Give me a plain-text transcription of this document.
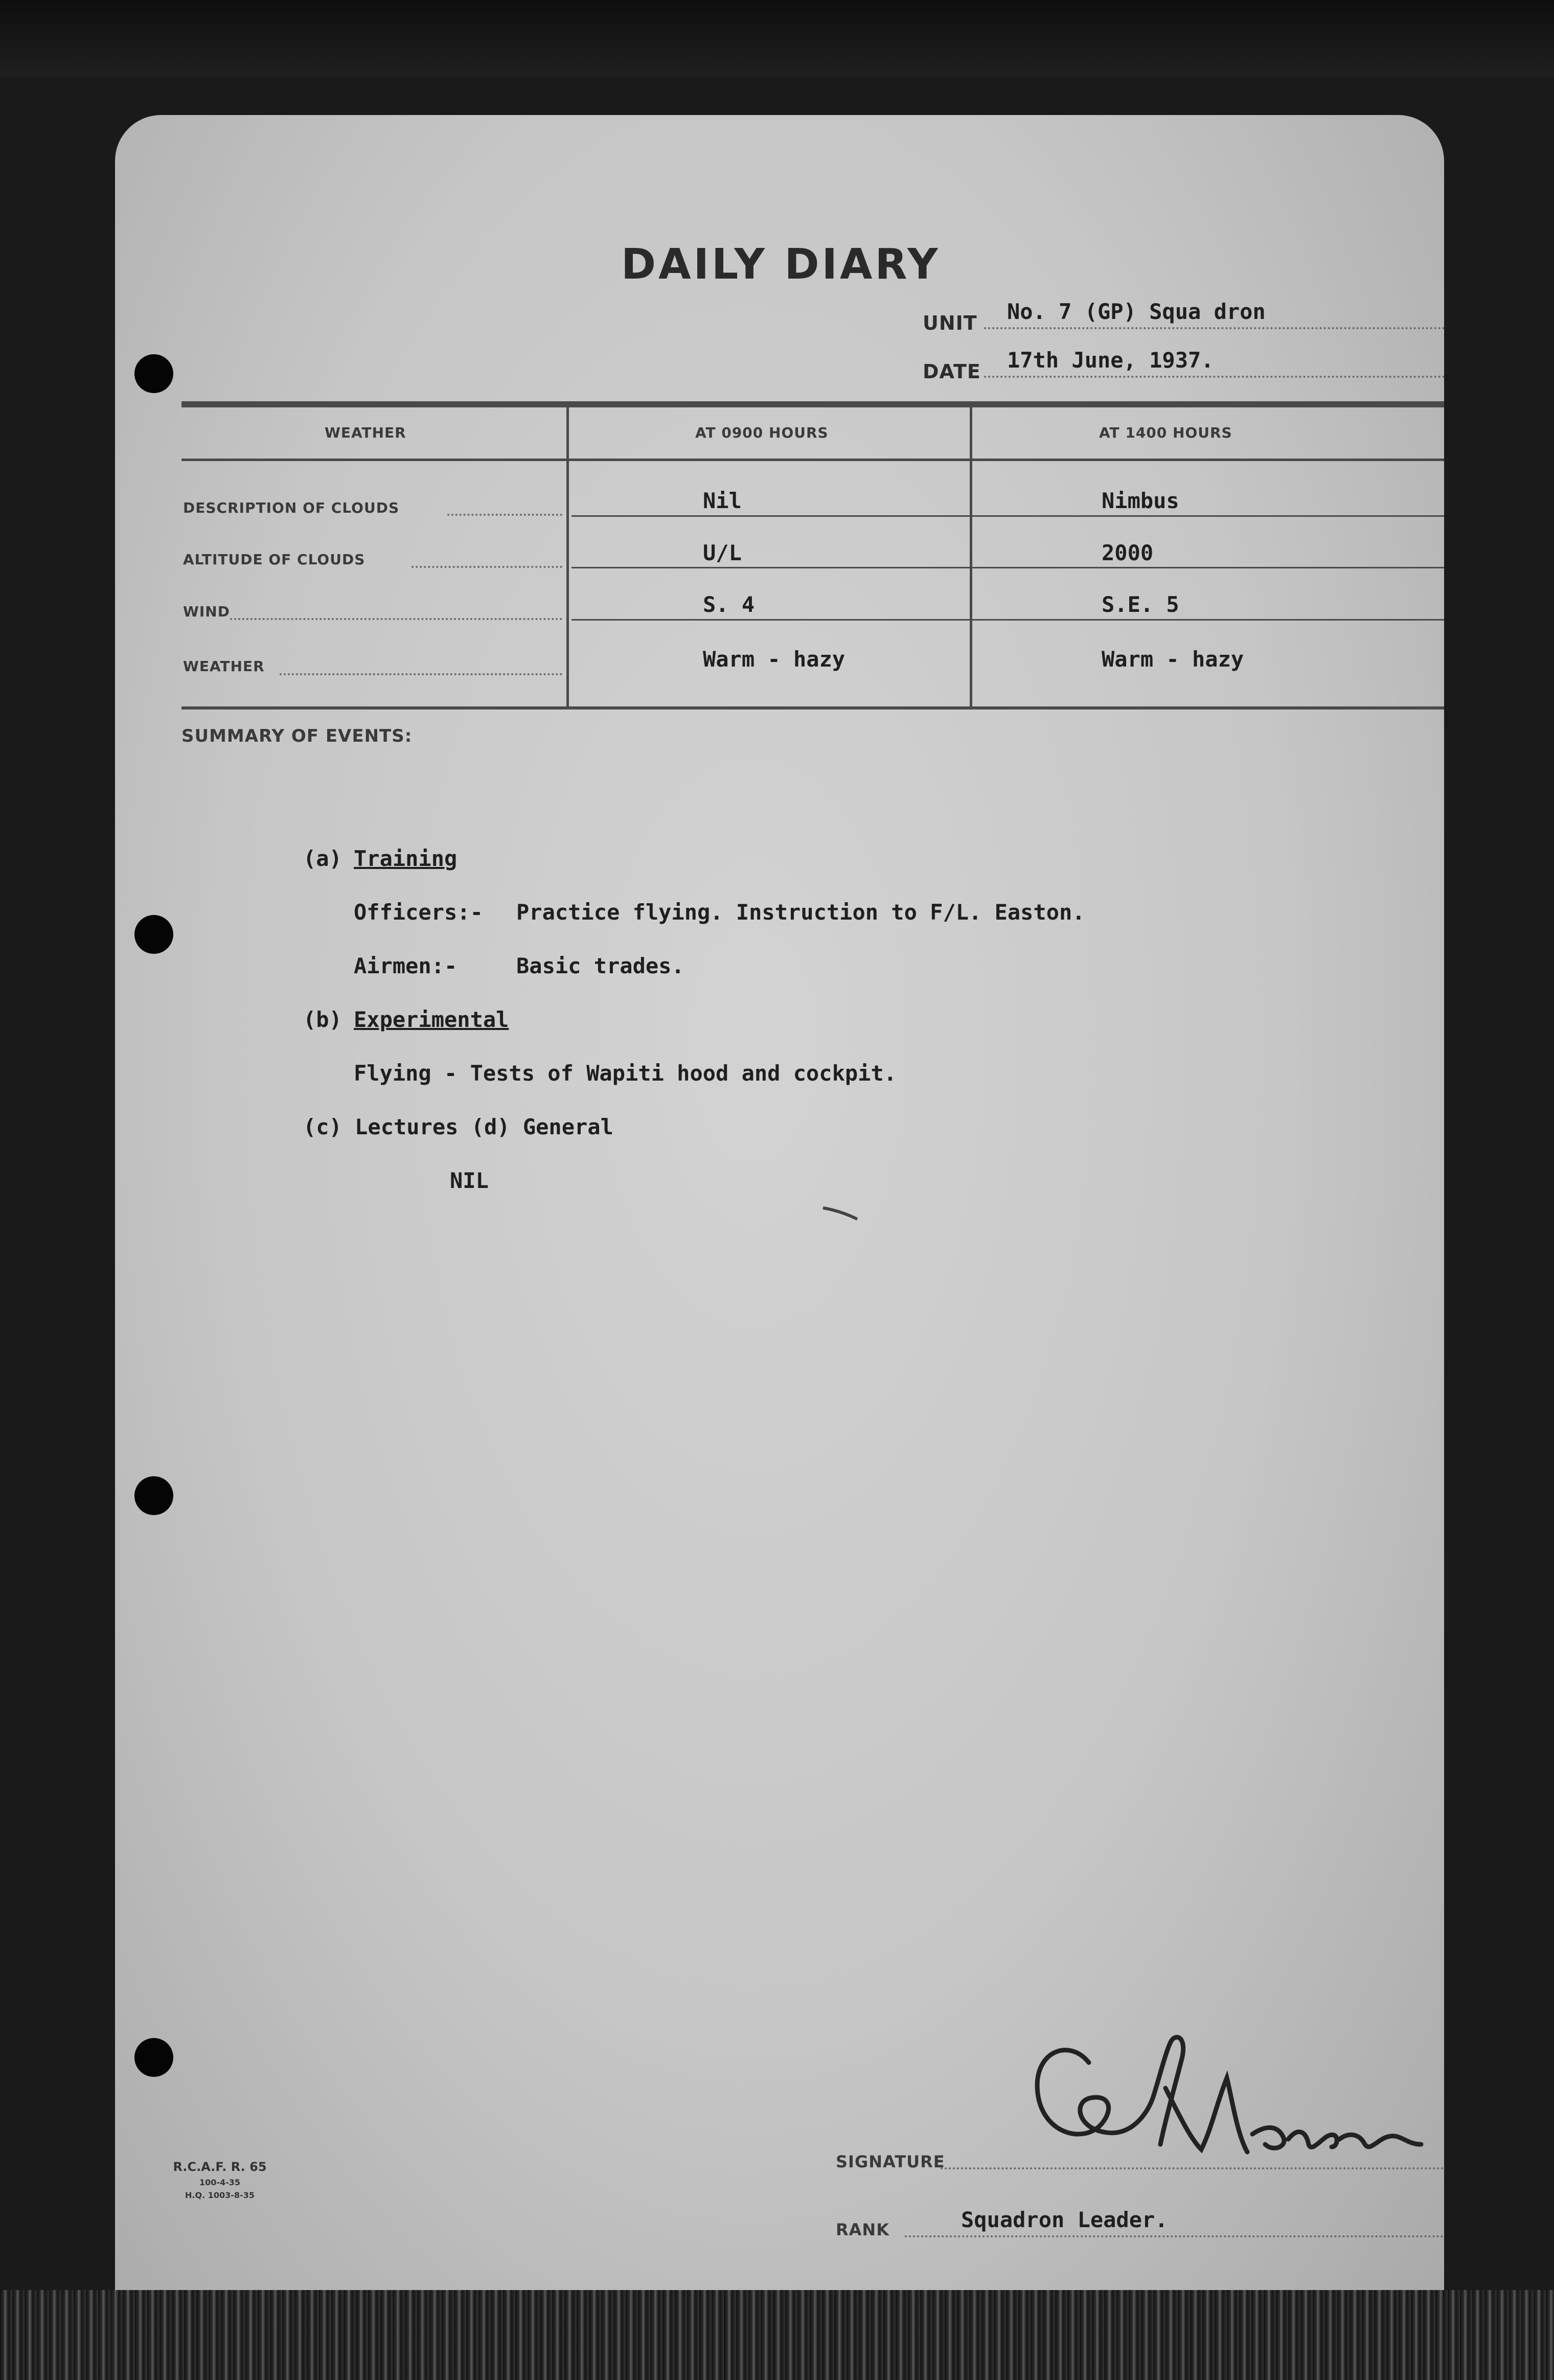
DAILY DIARY
UNIT No. 7 (GP) Squa dron
DATE 17th June, 1937.
WEATHER	AT 0900 HOURS	AT 1400 HOURS
DESCRIPTION OF CLOUDS	Nil	Nimbus
ALTITUDE OF CLOUDS	U/L	2000
WIND	S. 4	S.E. 5
WEATHER	Warm - hazy	Warm - hazy
SUMMARY OF EVENTS:
(a) Training
Officers:- Practice flying. Instruction to F/L. Easton.
Airmen:-	Basic trades.
(b) Experimental
Flying - Tests of Wapiti hood and cockpit.
(c) Lectures (d) General
NIL
R.C.A.F. R. 65
100-4-35
H.Q. 1003-8-35
SIGNATURE
RANK	Squadron Leader.
